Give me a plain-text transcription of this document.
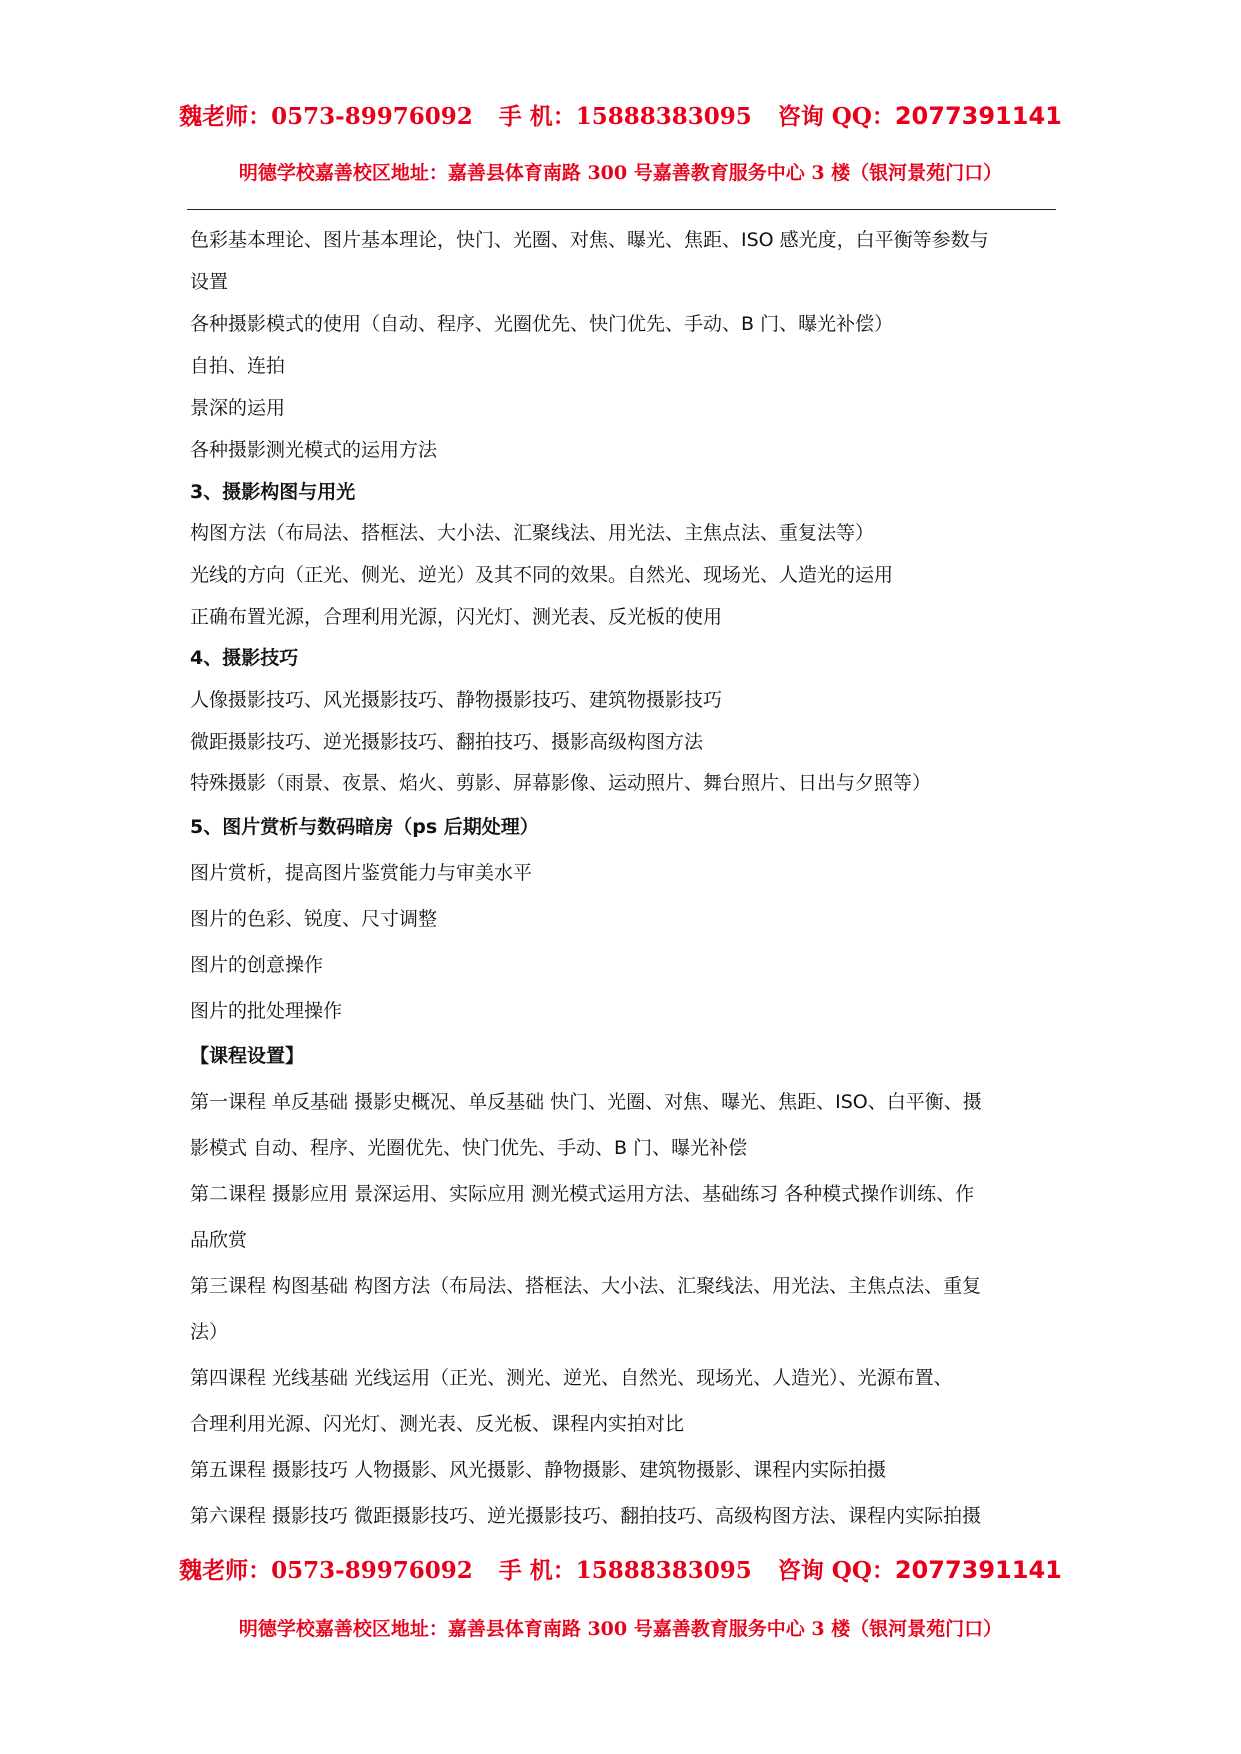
魏老师：0573-89976092 手 机：15888383095 咨询 QQ：2077391141
明德学校嘉善校区地址：嘉善县体育南路 300 号嘉善教育服务中心 3 楼（银河景苑门口）

色彩基本理论、图片基本理论，快门、光圈、对焦、曝光、焦距、ISO 感光度，白平衡等参数与

设置

各种摄影模式的使用（自动、程序、光圈优先、快门优先、手动、B 门、曝光补偿）

自拍、连拍

景深的运用

各种摄影测光模式的运用方法

3、摄影构图与用光

构图方法（布局法、搭框法、大小法、汇聚线法、用光法、主焦点法、重复法等）

光线的方向（正光、侧光、逆光）及其不同的效果。自然光、现场光、人造光的运用

正确布置光源，合理利用光源，闪光灯、测光表、反光板的使用

4、摄影技巧

人像摄影技巧、风光摄影技巧、静物摄影技巧、建筑物摄影技巧

微距摄影技巧、逆光摄影技巧、翻拍技巧、摄影高级构图方法

特殊摄影（雨景、夜景、焰火、剪影、屏幕影像、运动照片、舞台照片、日出与夕照等）

5、图片赏析与数码暗房（ps 后期处理）

图片赏析，提高图片鉴赏能力与审美水平

图片的色彩、锐度、尺寸调整

图片的创意操作

图片的批处理操作

【课程设置】

第一课程 单反基础 摄影史概况、单反基础 快门、光圈、对焦、曝光、焦距、ISO、白平衡、摄

影模式 自动、程序、光圈优先、快门优先、手动、B 门、曝光补偿

第二课程 摄影应用 景深运用、实际应用 测光模式运用方法、基础练习 各种模式操作训练、作

品欣赏

第三课程 构图基础 构图方法（布局法、搭框法、大小法、汇聚线法、用光法、主焦点法、重复

法）

第四课程 光线基础 光线运用（正光、测光、逆光、自然光、现场光、人造光）、光源布置、

合理利用光源、闪光灯、测光表、反光板、课程内实拍对比

第五课程 摄影技巧 人物摄影、风光摄影、静物摄影、建筑物摄影、课程内实际拍摄

第六课程 摄影技巧 微距摄影技巧、逆光摄影技巧、翻拍技巧、高级构图方法、课程内实际拍摄

魏老师：0573-89976092 手 机：15888383095 咨询 QQ：2077391141
明德学校嘉善校区地址：嘉善县体育南路 300 号嘉善教育服务中心 3 楼（银河景苑门口）
